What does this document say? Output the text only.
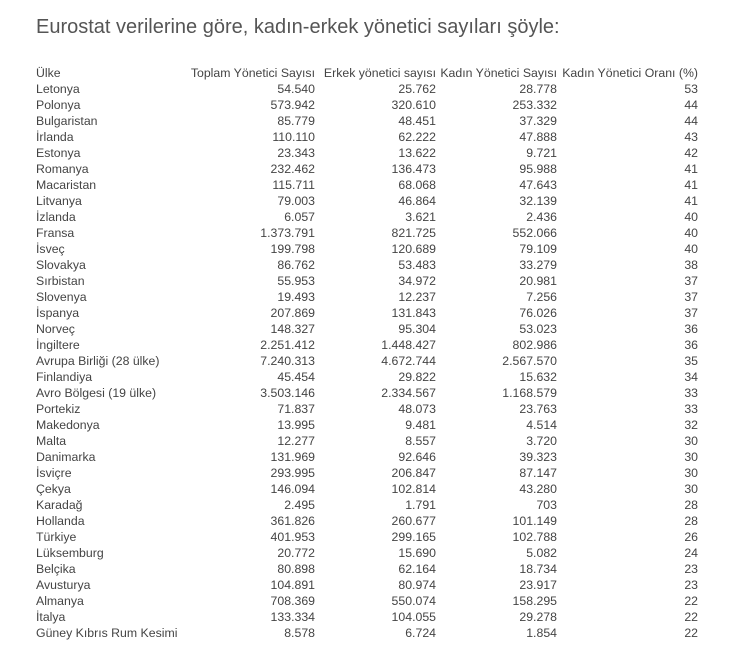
Eurostat verilerine göre, kadın-erkek yönetici sayıları şöyle:
Ülke	Toplam Yönetici Sayısı	Erkek yönetici sayısı	Kadın Yönetici Sayısı	Kadın Yönetici Oranı (%)
Letonya	54.540	25.762	28.778	53
Polonya	573.942	320.610	253.332	44
Bulgaristan	85.779	48.451	37.329	44
İrlanda	110.110	62.222	47.888	43
Estonya	23.343	13.622	9.721	42
Romanya	232.462	136.473	95.988	41
Macaristan	115.711	68.068	47.643	41
Litvanya	79.003	46.864	32.139	41
İzlanda	6.057	3.621	2.436	40
Fransa	1.373.791	821.725	552.066	40
İsveç	199.798	120.689	79.109	40
Slovakya	86.762	53.483	33.279	38
Sırbistan	55.953	34.972	20.981	37
Slovenya	19.493	12.237	7.256	37
İspanya	207.869	131.843	76.026	37
Norveç	148.327	95.304	53.023	36
İngiltere	2.251.412	1.448.427	802.986	36
Avrupa Birliği (28 ülke)	7.240.313	4.672.744	2.567.570	35
Finlandiya	45.454	29.822	15.632	34
Avro Bölgesi (19 ülke)	3.503.146	2.334.567	1.168.579	33
Portekiz	71.837	48.073	23.763	33
Makedonya	13.995	9.481	4.514	32
Malta	12.277	8.557	3.720	30
Danimarka	131.969	92.646	39.323	30
İsviçre	293.995	206.847	87.147	30
Çekya	146.094	102.814	43.280	30
Karadağ	2.495	1.791	703	28
Hollanda	361.826	260.677	101.149	28
Türkiye	401.953	299.165	102.788	26
Lüksemburg	20.772	15.690	5.082	24
Belçika	80.898	62.164	18.734	23
Avusturya	104.891	80.974	23.917	23
Almanya	708.369	550.074	158.295	22
İtalya	133.334	104.055	29.278	22
Güney Kıbrıs Rum Kesimi	8.578	6.724	1.854	22
